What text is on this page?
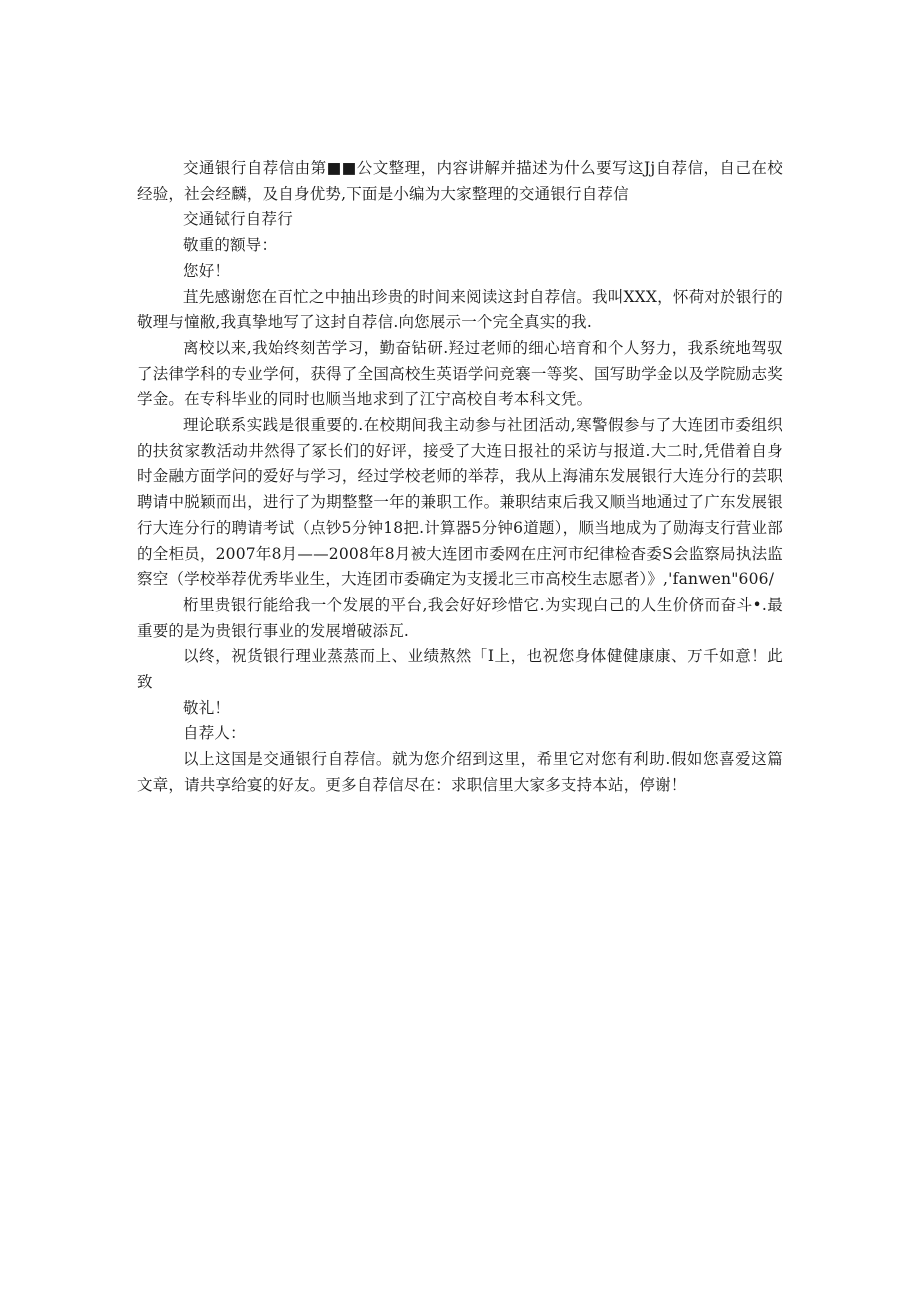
交通银行自荐信由第■■公文整理，内容讲解并描述为什么要写这Jj自荐信，自己在校经验，社会经麟，及自身优势,下面是小编为大家整理的交通银行自荐信

交通铽行自荐行

敬重的额导：

您好！

苴先感谢您在百忙之中抽出珍贵的时间来阅读这封自荐信。我叫XXX，怀荷对於银行的敬理与憧敝,我真挚地写了这封自荐信.向您展示一个完全真实的我.

离校以来,我始终刻苦学习，勤奋钻研.羟过老师的细心培育和个人努力，我系统地驾驭了法律学科的专业学何，获得了全国高校生英语学问竞褰一等奖、国写助学金以及学院励志奖学金。在专科毕业的同时也顺当地求到了江宁高校自考本科文凭。

理论联系实践是很重要的.在校期间我主动参与社团活动,寒警假参与了大连团市委组织的扶贫家教活动井然得了冢长们的好评，接受了大连日报社的采访与报道.大二时,凭借着自身时金融方面学问的爱好与学习，经过学校老师的举荐，我从上海浦东发展银行大连分行的芸职聘请中脱颖而出，进行了为期整整一年的兼职工作。兼职结束后我又顺当地通过了广东发展银行大连分行的聘请考试（点钞5分钟18把.计算器5分钟6道题），顺当地成为了勋海支行营业部的全柜员，2007年8月——2008年8月被大连团市委网在庄河市纪律检杳委S会监察局执法监察空（学校举荐优秀毕业生，大连团市委确定为支援北三市高校生志愿者）》,'fanwen"606/

桁里贵银行能给我一个发展的平台,我会好好珍惜它.为实现白己的人生价侪而奋斗•.最重要的是为贵银行事业的发展增破添瓦.

以终，祝货银行理业蒸蒸而上、业绩熬然「I上，也祝您身体健健康康、万千如意！此致

敬礼！

自荐人：

以上这国是交通银行自荐信。就为您介绍到这里，希里它对您有利助.假如您喜爱这篇文章，请共享给宴的好友。更多自荐信尽在：求职信里大家多支持本站，停谢！
